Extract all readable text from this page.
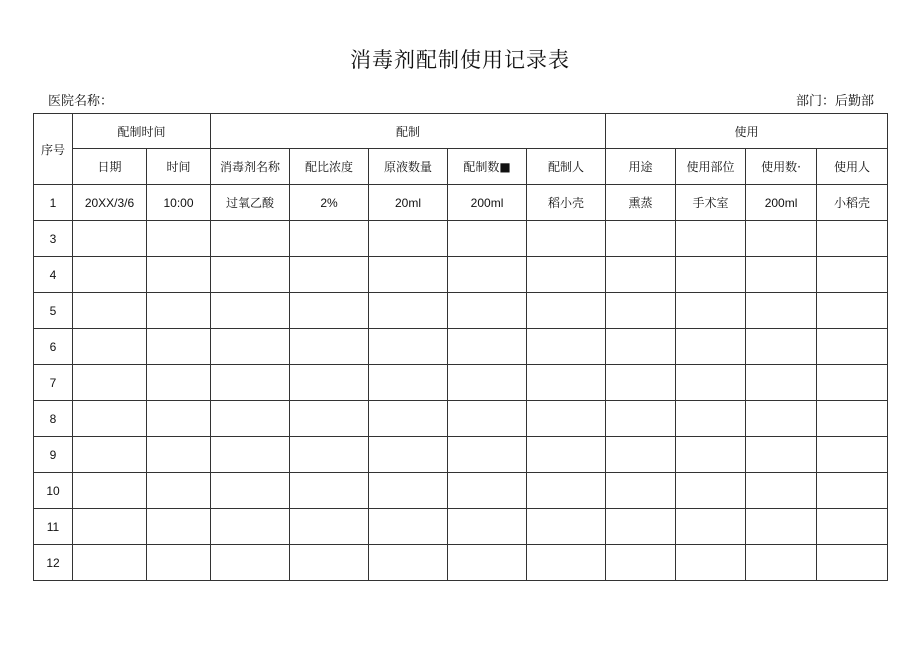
消毒剂配制使用记录表
医院名称：	部门：后勤部
序号	配制时间		配制					使用			
	日期	时间	消毒剂名称	配比浓度	原液数量	配制数■	配制人	用途	使用部位	使用数·	使用人
1	20XX/3/6	10:00	过氧乙酸	2%	20ml	200ml	稻小壳	熏蒸	手术室	200ml	小稻壳
3											
4											
5											
6											
7											
8											
9											
10											
11											
12											
